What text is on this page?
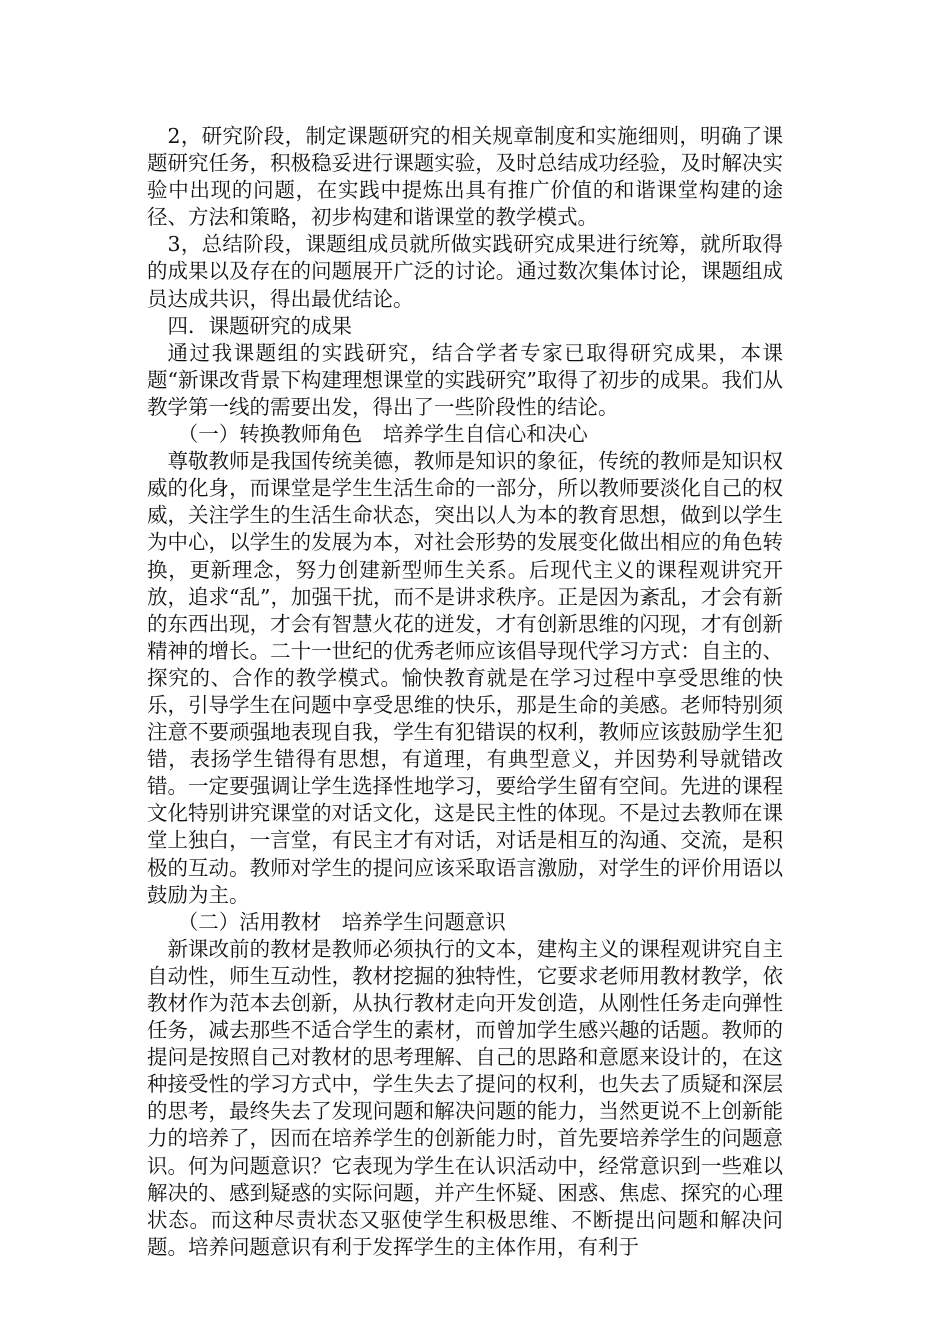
2，研究阶段，制定课题研究的相关规章制度和实施细则，明确了课题研究任务，积极稳妥进行课题实验，及时总结成功经验，及时解决实验中出现的问题，在实践中提炼出具有推广价值的和谐课堂构建的途径、方法和策略，初步构建和谐课堂的教学模式。

3，总结阶段，课题组成员就所做实践研究成果进行统筹，就所取得的成果以及存在的问题展开广泛的讨论。通过数次集体讨论，课题组成员达成共识，得出最优结论。

四．课题研究的成果

通过我课题组的实践研究，结合学者专家已取得研究成果，本课题“新课改背景下构建理想课堂的实践研究”取得了初步的成果。我们从教学第一线的需要出发，得出了一些阶段性的结论。

（一）转换教师角色　培养学生自信心和决心

尊敬教师是我国传统美德，教师是知识的象征，传统的教师是知识权威的化身，而课堂是学生生活生命的一部分，所以教师要淡化自己的权威，关注学生的生活生命状态，突出以人为本的教育思想，做到以学生为中心，以学生的发展为本，对社会形势的发展变化做出相应的角色转换，更新理念，努力创建新型师生关系。后现代主义的课程观讲究开放，追求“乱”，加强干扰，而不是讲求秩序。正是因为紊乱，才会有新的东西出现，才会有智慧火花的迸发，才有创新思维的闪现，才有创新精神的增长。二十一世纪的优秀老师应该倡导现代学习方式：自主的、探究的、合作的教学模式。愉快教育就是在学习过程中享受思维的快乐，引导学生在问题中享受思维的快乐，那是生命的美感。老师特别须注意不要顽强地表现自我，学生有犯错误的权利，教师应该鼓励学生犯错，表扬学生错得有思想，有道理，有典型意义，并因势利导就错改错。一定要强调让学生选择性地学习，要给学生留有空间。先进的课程文化特别讲究课堂的对话文化，这是民主性的体现。不是过去教师在课堂上独白，一言堂，有民主才有对话，对话是相互的沟通、交流，是积极的互动。教师对学生的提问应该采取语言激励，对学生的评价用语以鼓励为主。

（二）活用教材　培养学生问题意识

新课改前的教材是教师必须执行的文本，建构主义的课程观讲究自主自动性，师生互动性，教材挖掘的独特性，它要求老师用教材教学，依教材作为范本去创新，从执行教材走向开发创造，从刚性任务走向弹性任务，减去那些不适合学生的素材，而曾加学生感兴趣的话题。教师的提问是按照自己对教材的思考理解、自己的思路和意愿来设计的，在这种接受性的学习方式中，学生失去了提问的权利，也失去了质疑和深层的思考，最终失去了发现问题和解决问题的能力，当然更说不上创新能力的培养了，因而在培养学生的创新能力时，首先要培养学生的问题意识。何为问题意识？它表现为学生在认识活动中，经常意识到一些难以解决的、感到疑惑的实际问题，并产生怀疑、困惑、焦虑、探究的心理状态。而这种尽责状态又驱使学生积极思维、不断提出问题和解决问题。培养问题意识有利于发挥学生的主体作用，有利于
